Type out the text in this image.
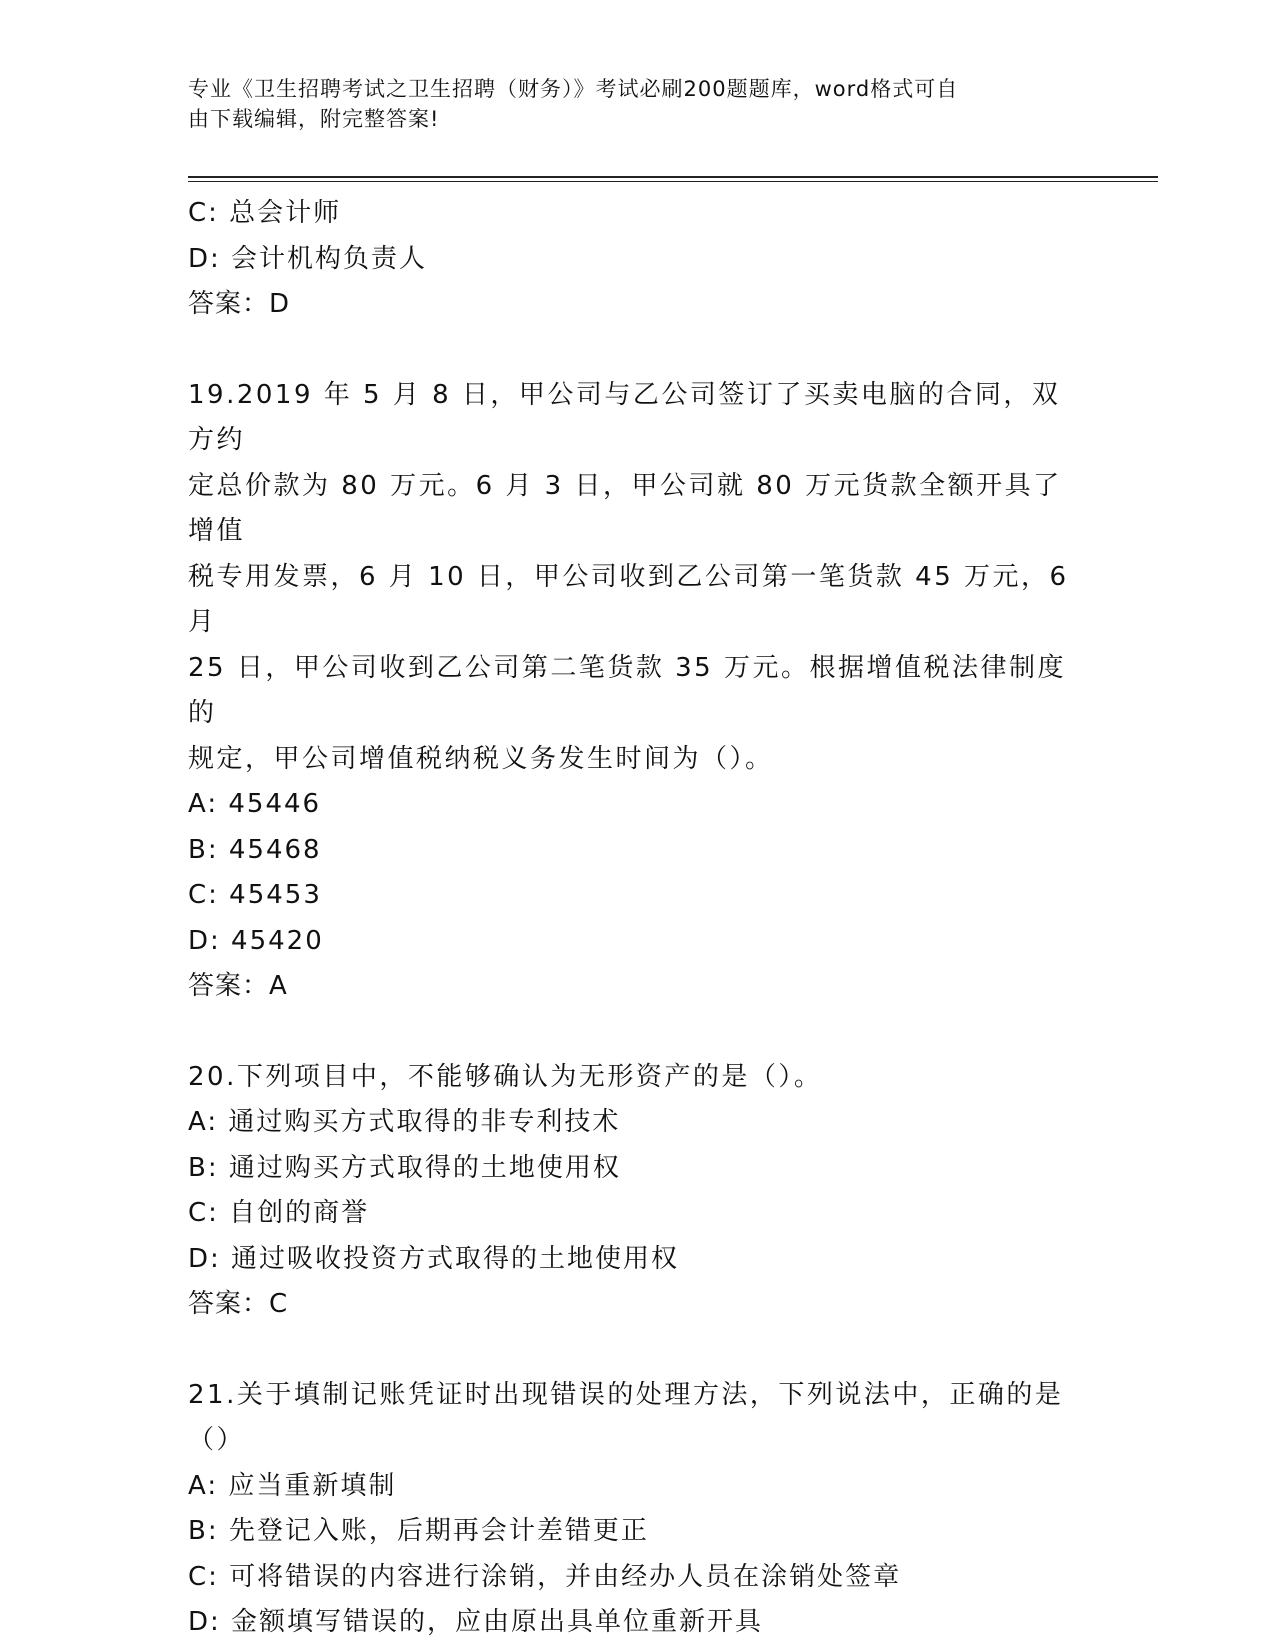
专业《卫生招聘考试之卫生招聘（财务）》考试必刷200题题库，word格式可自
由下载编辑，附完整答案!

C: 总会计师

D: 会计机构负责人

答案：D

19.2019 年 5 月 8 日，甲公司与乙公司签订了买卖电脑的合同，双方约

定总价款为 80 万元。6 月 3 日，甲公司就 80 万元货款全额开具了增值

税专用发票，6 月 10 日，甲公司收到乙公司第一笔货款 45 万元，6 月

25 日，甲公司收到乙公司第二笔货款 35 万元。根据增值税法律制度的

规定，甲公司增值税纳税义务发生时间为（）。

A: 45446

B: 45468

C: 45453

D: 45420

答案：A

20.下列项目中，不能够确认为无形资产的是（）。

A: 通过购买方式取得的非专利技术

B: 通过购买方式取得的土地使用权

C: 自创的商誉

D: 通过吸收投资方式取得的土地使用权

答案：C

21.关于填制记账凭证时出现错误的处理方法，下列说法中，正确的是

（）

A: 应当重新填制

B: 先登记入账，后期再会计差错更正

C: 可将错误的内容进行涂销，并由经办人员在涂销处签章

D: 金额填写错误的，应由原出具单位重新开具
